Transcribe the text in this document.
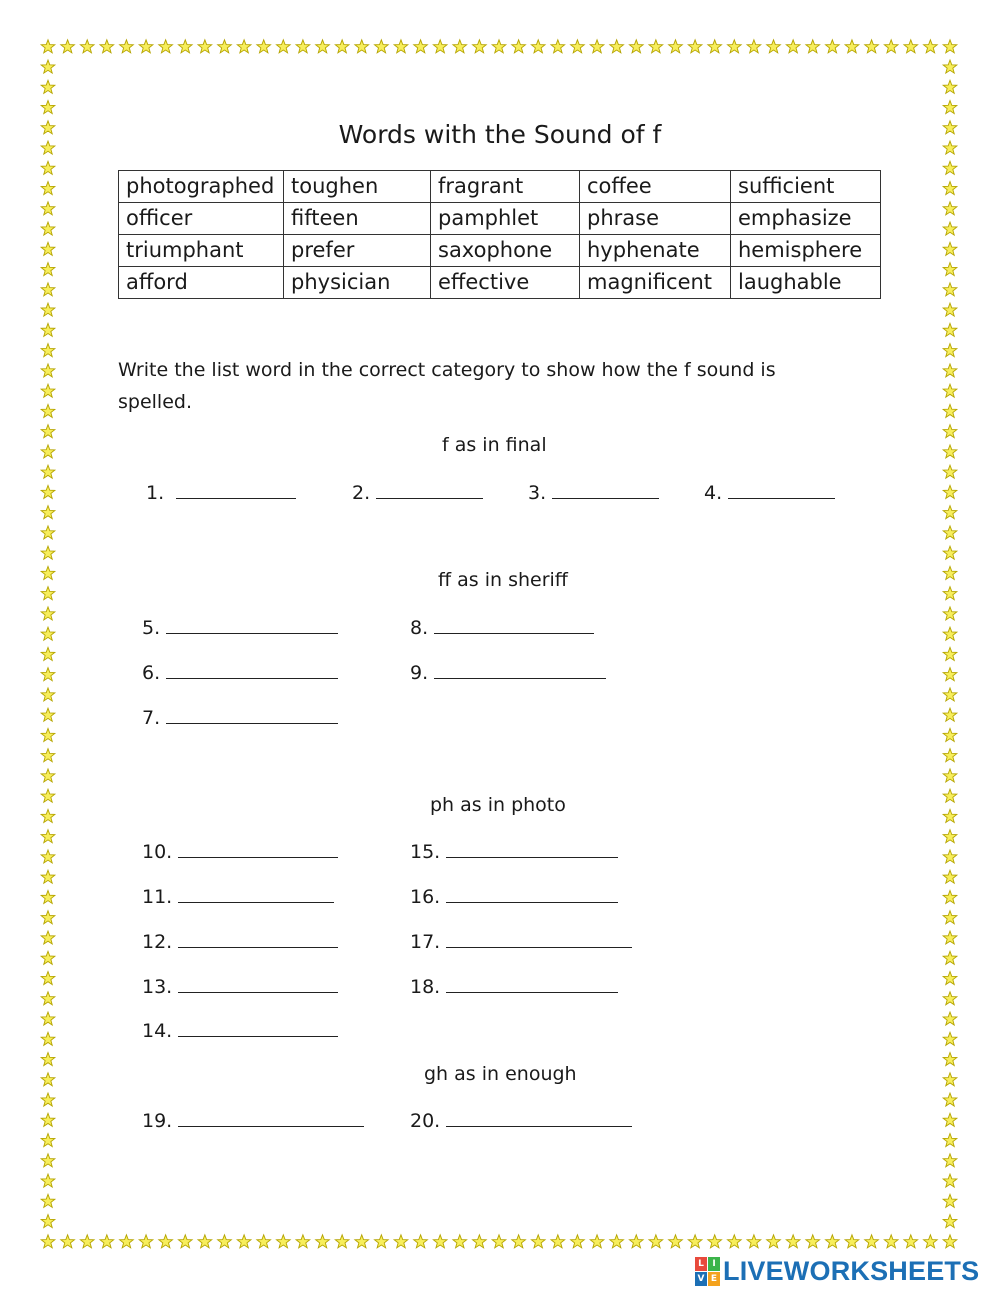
Words with the Sound of f
photographed	toughen	fragrant	coffee	sufficient
officer	fifteen	pamphlet	phrase	emphasize
triumphant	prefer	saxophone	hyphenate	hemisphere
afford	physician	effective	magnificent	laughable
Write the list word in the correct category to show how the f sound is spelled.
f as in final
1.	2.	3.	4.
ff as in sheriff
5.
6.
7.
8.
9.
ph as in photo
10.
11.
12.
13.
14.
15.
16.
17.
18.
gh as in enough
19.	20.
L I
V E LIVEWORKSHEETS
